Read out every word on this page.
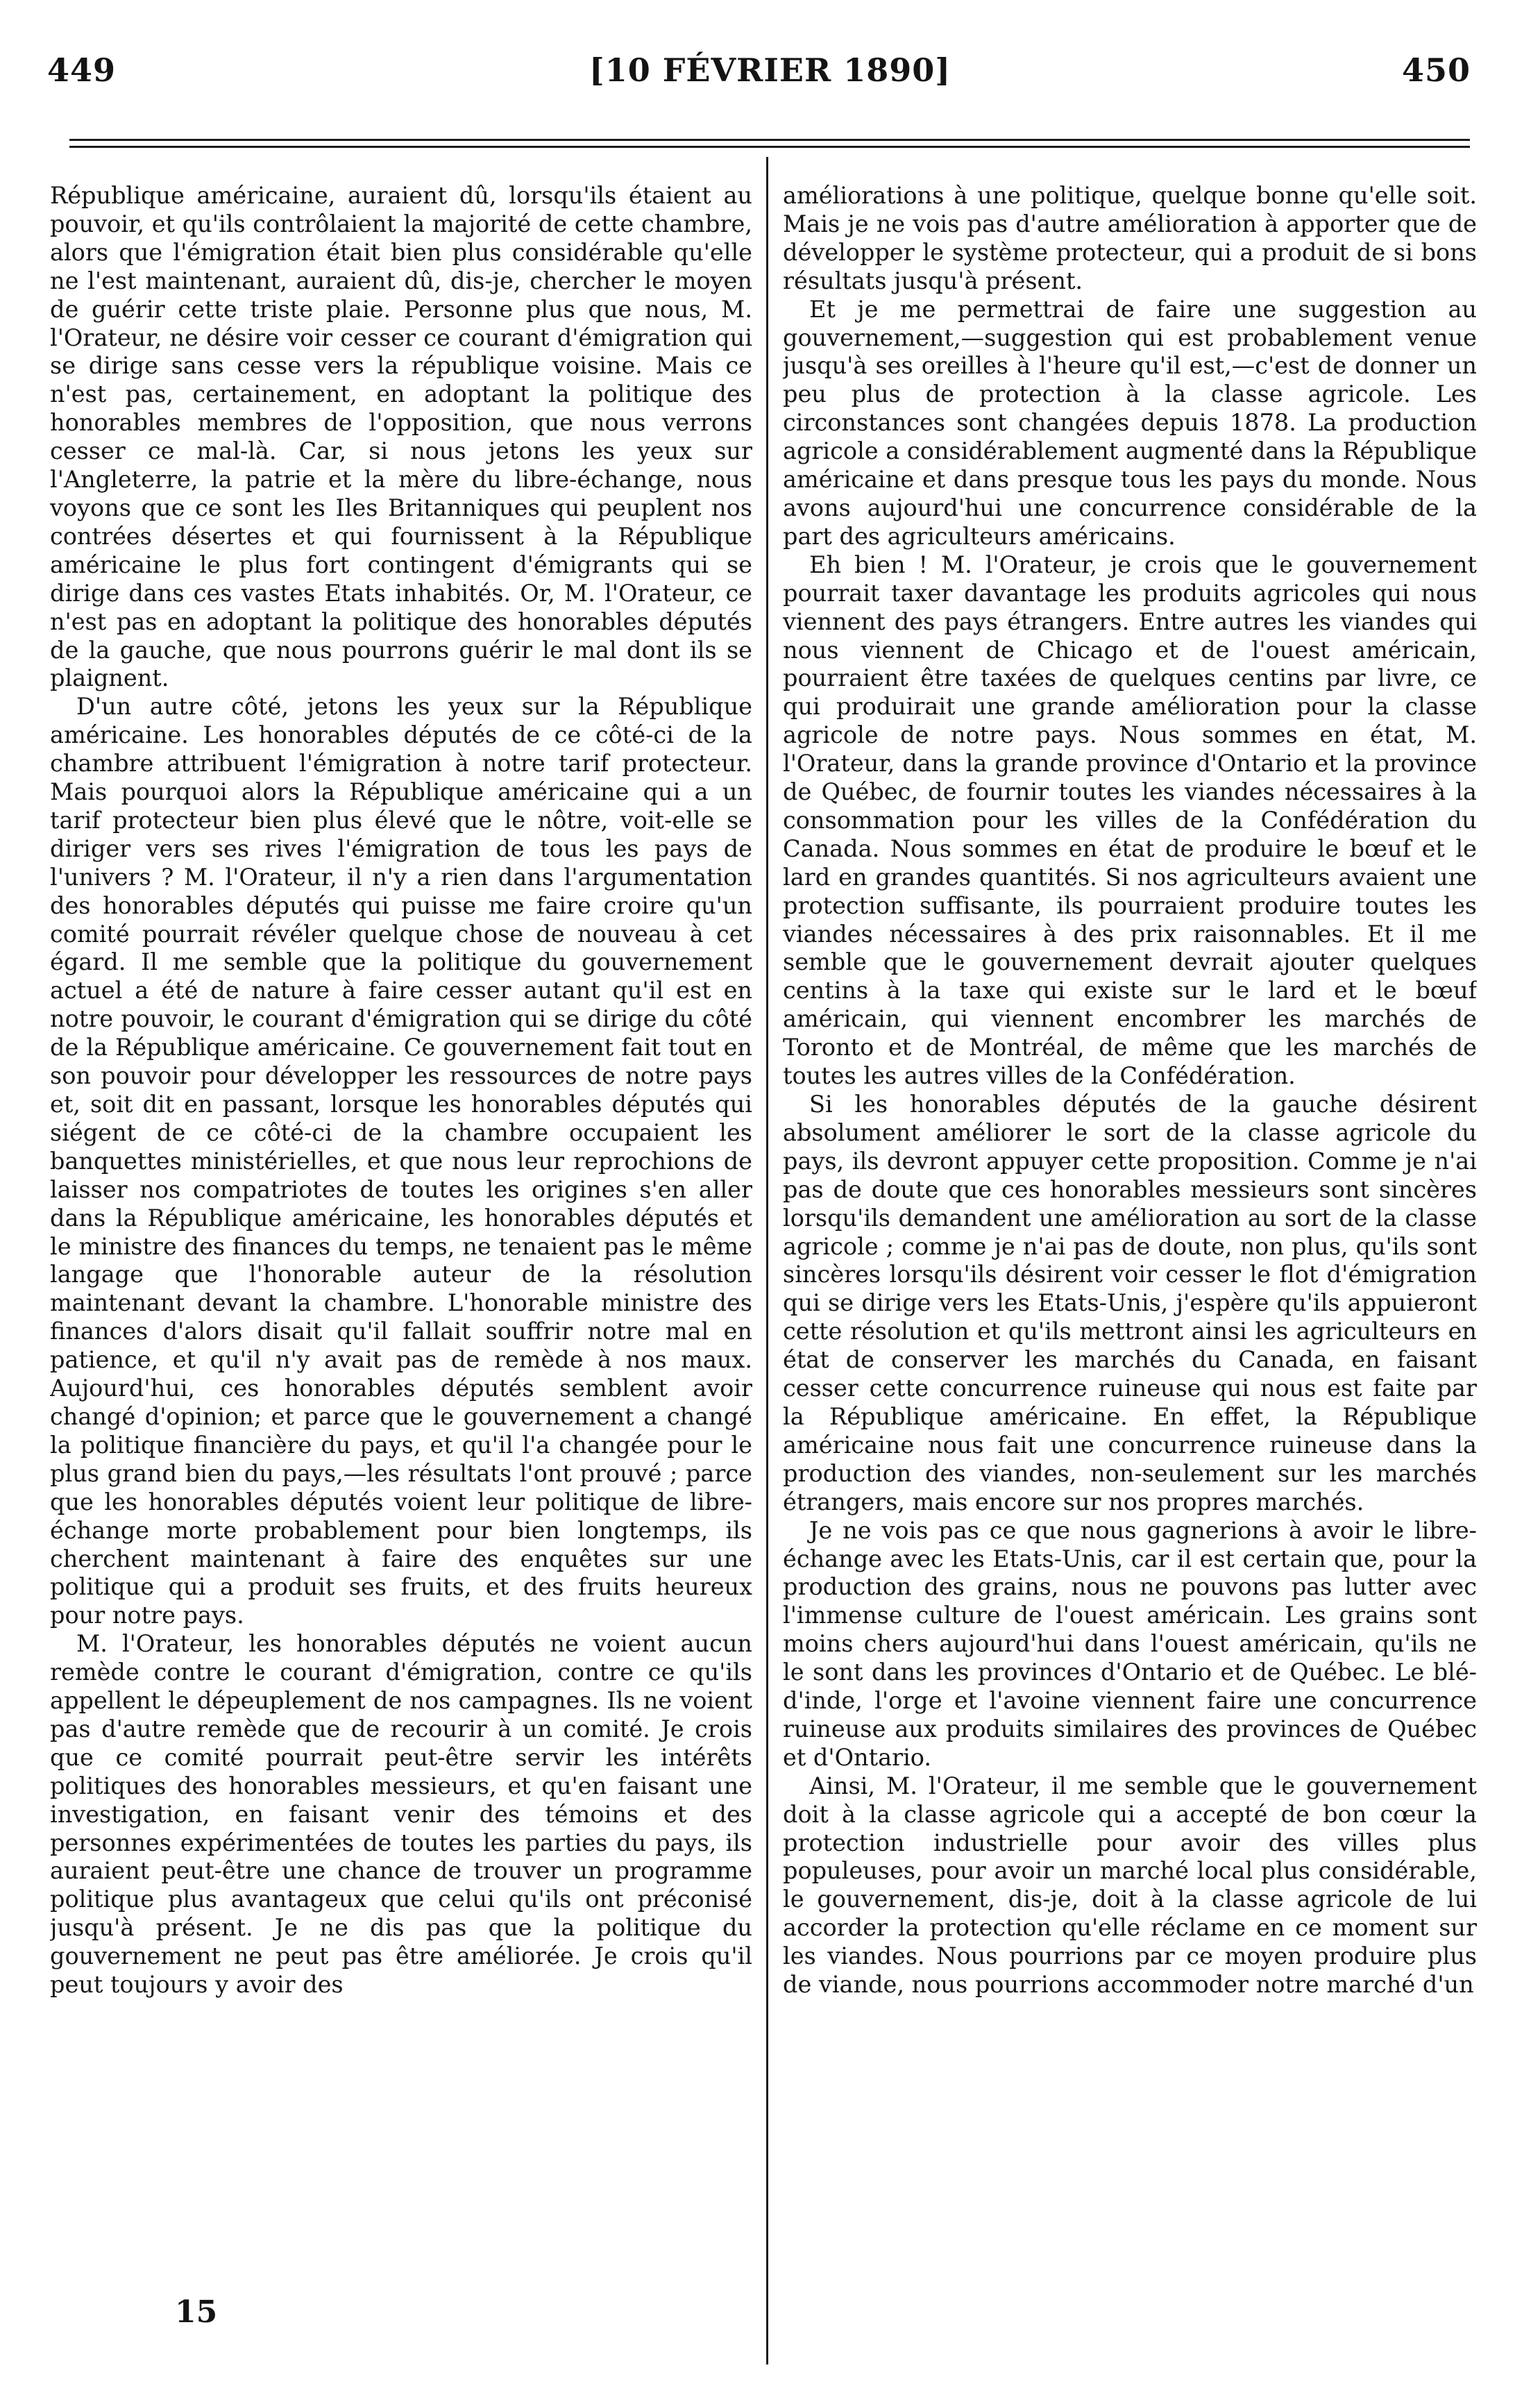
449	[10 FÉVRIER 1890]	450

République américaine, auraient dû, lorsqu'ils étaient au pouvoir, et qu'ils contrôlaient la majorité de cette chambre, alors que l'émigration était bien plus considérable qu'elle ne l'est maintenant, auraient dû, dis-je, chercher le moyen de guérir cette triste plaie. Personne plus que nous, M. l'Orateur, ne désire voir cesser ce courant d'émigration qui se dirige sans cesse vers la république voisine. Mais ce n'est pas, certainement, en adoptant la politique des honorables membres de l'opposition, que nous verrons cesser ce mal-là. Car, si nous jetons les yeux sur l'Angleterre, la patrie et la mère du libre-échange, nous voyons que ce sont les Iles Britanniques qui peuplent nos contrées désertes et qui fournissent à la République américaine le plus fort contingent d'émigrants qui se dirige dans ces vastes Etats inhabités. Or, M. l'Orateur, ce n'est pas en adoptant la politique des honorables députés de la gauche, que nous pourrons guérir le mal dont ils se plaignent.

D'un autre côté, jetons les yeux sur la République américaine. Les honorables députés de ce côté-ci de la chambre attribuent l'émigration à notre tarif protecteur. Mais pourquoi alors la République américaine qui a un tarif protecteur bien plus élevé que le nôtre, voit-elle se diriger vers ses rives l'émigration de tous les pays de l'univers ? M. l'Orateur, il n'y a rien dans l'argumentation des honorables députés qui puisse me faire croire qu'un comité pourrait révéler quelque chose de nouveau à cet égard. Il me semble que la politique du gouvernement actuel a été de nature à faire cesser autant qu'il est en notre pouvoir, le courant d'émigration qui se dirige du côté de la République américaine. Ce gouvernement fait tout en son pouvoir pour développer les ressources de notre pays et, soit dit en passant, lorsque les honorables députés qui siégent de ce côté-ci de la chambre occupaient les banquettes ministérielles, et que nous leur reprochions de laisser nos compatriotes de toutes les origines s'en aller dans la République américaine, les honorables députés et le ministre des finances du temps, ne tenaient pas le même langage que l'honorable auteur de la résolution maintenant devant la chambre. L'honorable ministre des finances d'alors disait qu'il fallait souffrir notre mal en patience, et qu'il n'y avait pas de remède à nos maux. Aujourd'hui, ces honorables députés semblent avoir changé d'opinion; et parce que le gouvernement a changé la politique financière du pays, et qu'il l'a changée pour le plus grand bien du pays,—les résultats l'ont prouvé ; parce que les honorables députés voient leur politique de libre-échange morte probablement pour bien longtemps, ils cherchent maintenant à faire des enquêtes sur une politique qui a produit ses fruits, et des fruits heureux pour notre pays.

M. l'Orateur, les honorables députés ne voient aucun remède contre le courant d'émigration, contre ce qu'ils appellent le dépeuplement de nos campagnes. Ils ne voient pas d'autre remède que de recourir à un comité. Je crois que ce comité pourrait peut-être servir les intérêts politiques des honorables messieurs, et qu'en faisant une investigation, en faisant venir des témoins et des personnes expérimentées de toutes les parties du pays, ils auraient peut-être une chance de trouver un programme politique plus avantageux que celui qu'ils ont préconisé jusqu'à présent. Je ne dis pas que la politique du gouvernement ne peut pas être améliorée. Je crois qu'il peut toujours y avoir des

améliorations à une politique, quelque bonne qu'elle soit. Mais je ne vois pas d'autre amélioration à apporter que de développer le système protecteur, qui a produit de si bons résultats jusqu'à présent.

Et je me permettrai de faire une suggestion au gouvernement,—suggestion qui est probablement venue jusqu'à ses oreilles à l'heure qu'il est,—c'est de donner un peu plus de protection à la classe agricole. Les circonstances sont changées depuis 1878. La production agricole a considérablement augmenté dans la République américaine et dans presque tous les pays du monde. Nous avons aujourd'hui une concurrence considérable de la part des agriculteurs américains.

Eh bien ! M. l'Orateur, je crois que le gouvernement pourrait taxer davantage les produits agricoles qui nous viennent des pays étrangers. Entre autres les viandes qui nous viennent de Chicago et de l'ouest américain, pourraient être taxées de quelques centins par livre, ce qui produirait une grande amélioration pour la classe agricole de notre pays. Nous sommes en état, M. l'Orateur, dans la grande province d'Ontario et la province de Québec, de fournir toutes les viandes nécessaires à la consommation pour les villes de la Confédération du Canada. Nous sommes en état de produire le bœuf et le lard en grandes quantités. Si nos agriculteurs avaient une protection suffisante, ils pourraient produire toutes les viandes nécessaires à des prix raisonnables. Et il me semble que le gouvernement devrait ajouter quelques centins à la taxe qui existe sur le lard et le bœuf américain, qui viennent encombrer les marchés de Toronto et de Montréal, de même que les marchés de toutes les autres villes de la Confédération.

Si les honorables députés de la gauche désirent absolument améliorer le sort de la classe agricole du pays, ils devront appuyer cette proposition. Comme je n'ai pas de doute que ces honorables messieurs sont sincères lorsqu'ils demandent une amélioration au sort de la classe agricole ; comme je n'ai pas de doute, non plus, qu'ils sont sincères lorsqu'ils désirent voir cesser le flot d'émigration qui se dirige vers les Etats-Unis, j'espère qu'ils appuieront cette résolution et qu'ils mettront ainsi les agriculteurs en état de conserver les marchés du Canada, en faisant cesser cette concurrence ruineuse qui nous est faite par la République américaine. En effet, la République américaine nous fait une concurrence ruineuse dans la production des viandes, non-seulement sur les marchés étrangers, mais encore sur nos propres marchés.

Je ne vois pas ce que nous gagnerions à avoir le libre-échange avec les Etats-Unis, car il est certain que, pour la production des grains, nous ne pouvons pas lutter avec l'immense culture de l'ouest américain. Les grains sont moins chers aujourd'hui dans l'ouest américain, qu'ils ne le sont dans les provinces d'Ontario et de Québec. Le blé-d'inde, l'orge et l'avoine viennent faire une concurrence ruineuse aux produits similaires des provinces de Québec et d'Ontario.

Ainsi, M. l'Orateur, il me semble que le gouvernement doit à la classe agricole qui a accepté de bon cœur la protection industrielle pour avoir des villes plus populeuses, pour avoir un marché local plus considérable, le gouvernement, dis-je, doit à la classe agricole de lui accorder la protection qu'elle réclame en ce moment sur les viandes. Nous pourrions par ce moyen produire plus de viande, nous pourrions accommoder notre marché d'un

15
